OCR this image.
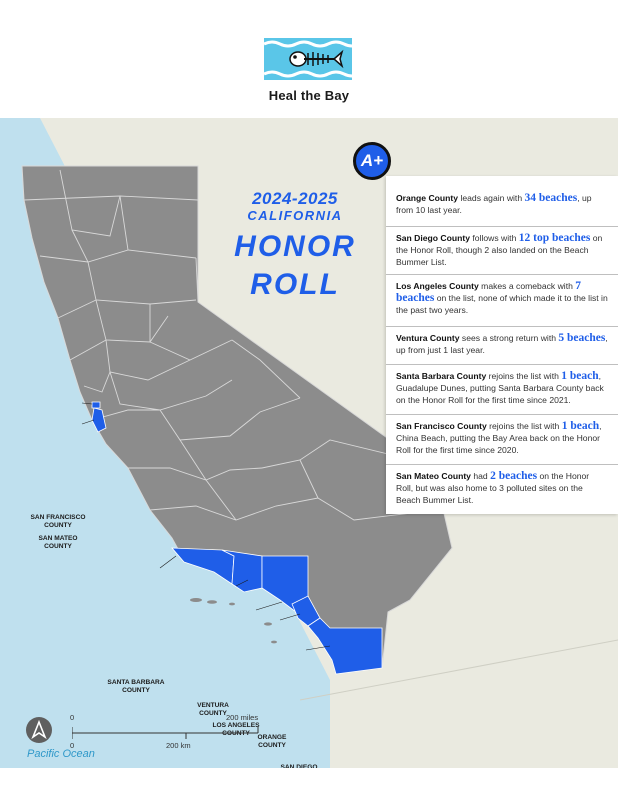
Heal the Bay
SAN FRANCISCO
COUNTY
SAN MATEO
COUNTY
SANTA BARBARA
COUNTY
VENTURA
COUNTY
LOS ANGELES
COUNTY
ORANGE
COUNTY
Pacific Ocean
2024-2025
CALIFORNIA
HONOR ROLL
Orange County leads again with 34 beaches, up from 10 last year.
San Diego County follows with 12 top beaches on the Honor Roll, though 2 also landed on the Beach Bummer List.
Los Angeles County makes a comeback with 7 beaches on the list, none of which made it to the list in the past two years.
Ventura County sees a strong return with 5 beaches, up from just 1 last year.
Santa Barbara County rejoins the list with 1 beach, Guadalupe Dunes, putting Santa Barbara County back on the Honor Roll for the first time since 2021.
San Francisco County rejoins the list with 1 beach, China Beach, putting the Bay Area back on the Honor Roll for the first time since 2020.
San Mateo County had 2 beaches on the Honor Roll, but was also home to 3 polluted sites on the Beach Bummer List.
A+
0	200 miles
0	200 km
